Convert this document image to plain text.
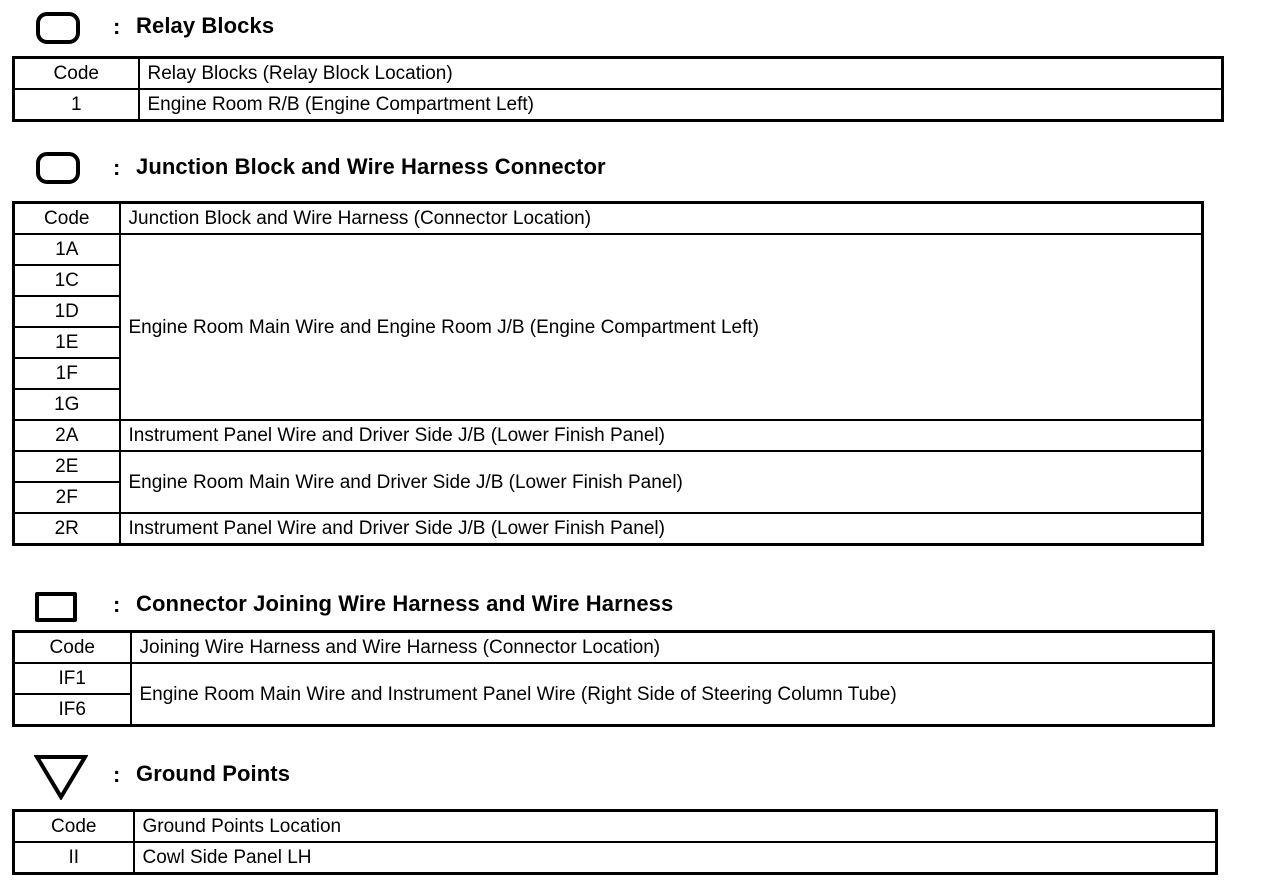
: Relay Blocks
Code	Relay Blocks (Relay Block Location)
1	Engine Room R/B (Engine Compartment Left)
: Junction Block and Wire Harness Connector
Code	Junction Block and Wire Harness (Connector Location)
1A	Engine Room Main Wire and Engine Room J/B (Engine Compartment Left)
1C	
1D	
1E	
1F	
1G	
2A	Instrument Panel Wire and Driver Side J/B (Lower Finish Panel)
2E	Engine Room Main Wire and Driver Side J/B (Lower Finish Panel)
2F	
2R	Instrument Panel Wire and Driver Side J/B (Lower Finish Panel)
: Connector Joining Wire Harness and Wire Harness
Code	Joining Wire Harness and Wire Harness (Connector Location)
IF1	Engine Room Main Wire and Instrument Panel Wire (Right Side of Steering Column Tube)
IF6	
: Ground Points
Code	Ground Points Location
II	Cowl Side Panel LH
